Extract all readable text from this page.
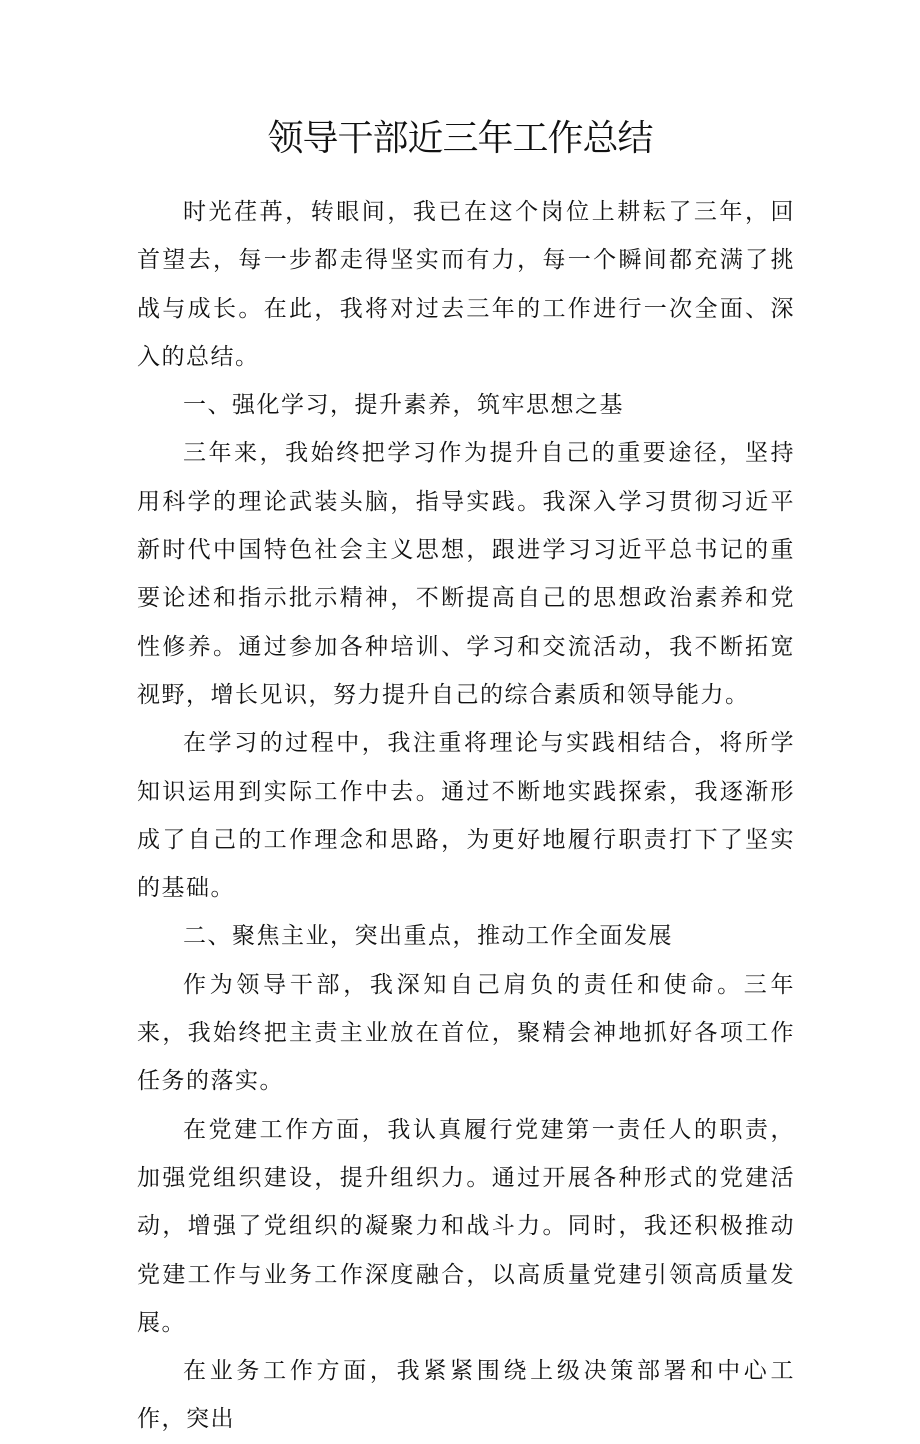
领导干部近三年工作总结

时光荏苒，转眼间，我已在这个岗位上耕耘了三年，回首望去，每一步都走得坚实而有力，每一个瞬间都充满了挑战与成长。在此，我将对过去三年的工作进行一次全面、深入的总结。

一、强化学习，提升素养，筑牢思想之基

三年来，我始终把学习作为提升自己的重要途径，坚持用科学的理论武装头脑，指导实践。我深入学习贯彻习近平新时代中国特色社会主义思想，跟进学习习近平总书记的重要论述和指示批示精神，不断提高自己的思想政治素养和党性修养。通过参加各种培训、学习和交流活动，我不断拓宽视野，增长见识，努力提升自己的综合素质和领导能力。

在学习的过程中，我注重将理论与实践相结合，将所学知识运用到实际工作中去。通过不断地实践探索，我逐渐形成了自己的工作理念和思路，为更好地履行职责打下了坚实的基础。

二、聚焦主业，突出重点，推动工作全面发展

作为领导干部，我深知自己肩负的责任和使命。三年来，我始终把主责主业放在首位，聚精会神地抓好各项工作任务的落实。

在党建工作方面，我认真履行党建第一责任人的职责，加强党组织建设，提升组织力。通过开展各种形式的党建活动，增强了党组织的凝聚力和战斗力。同时，我还积极推动党建工作与业务工作深度融合，以高质量党建引领高质量发展。

在业务工作方面，我紧紧围绕上级决策部署和中心工作，突出
